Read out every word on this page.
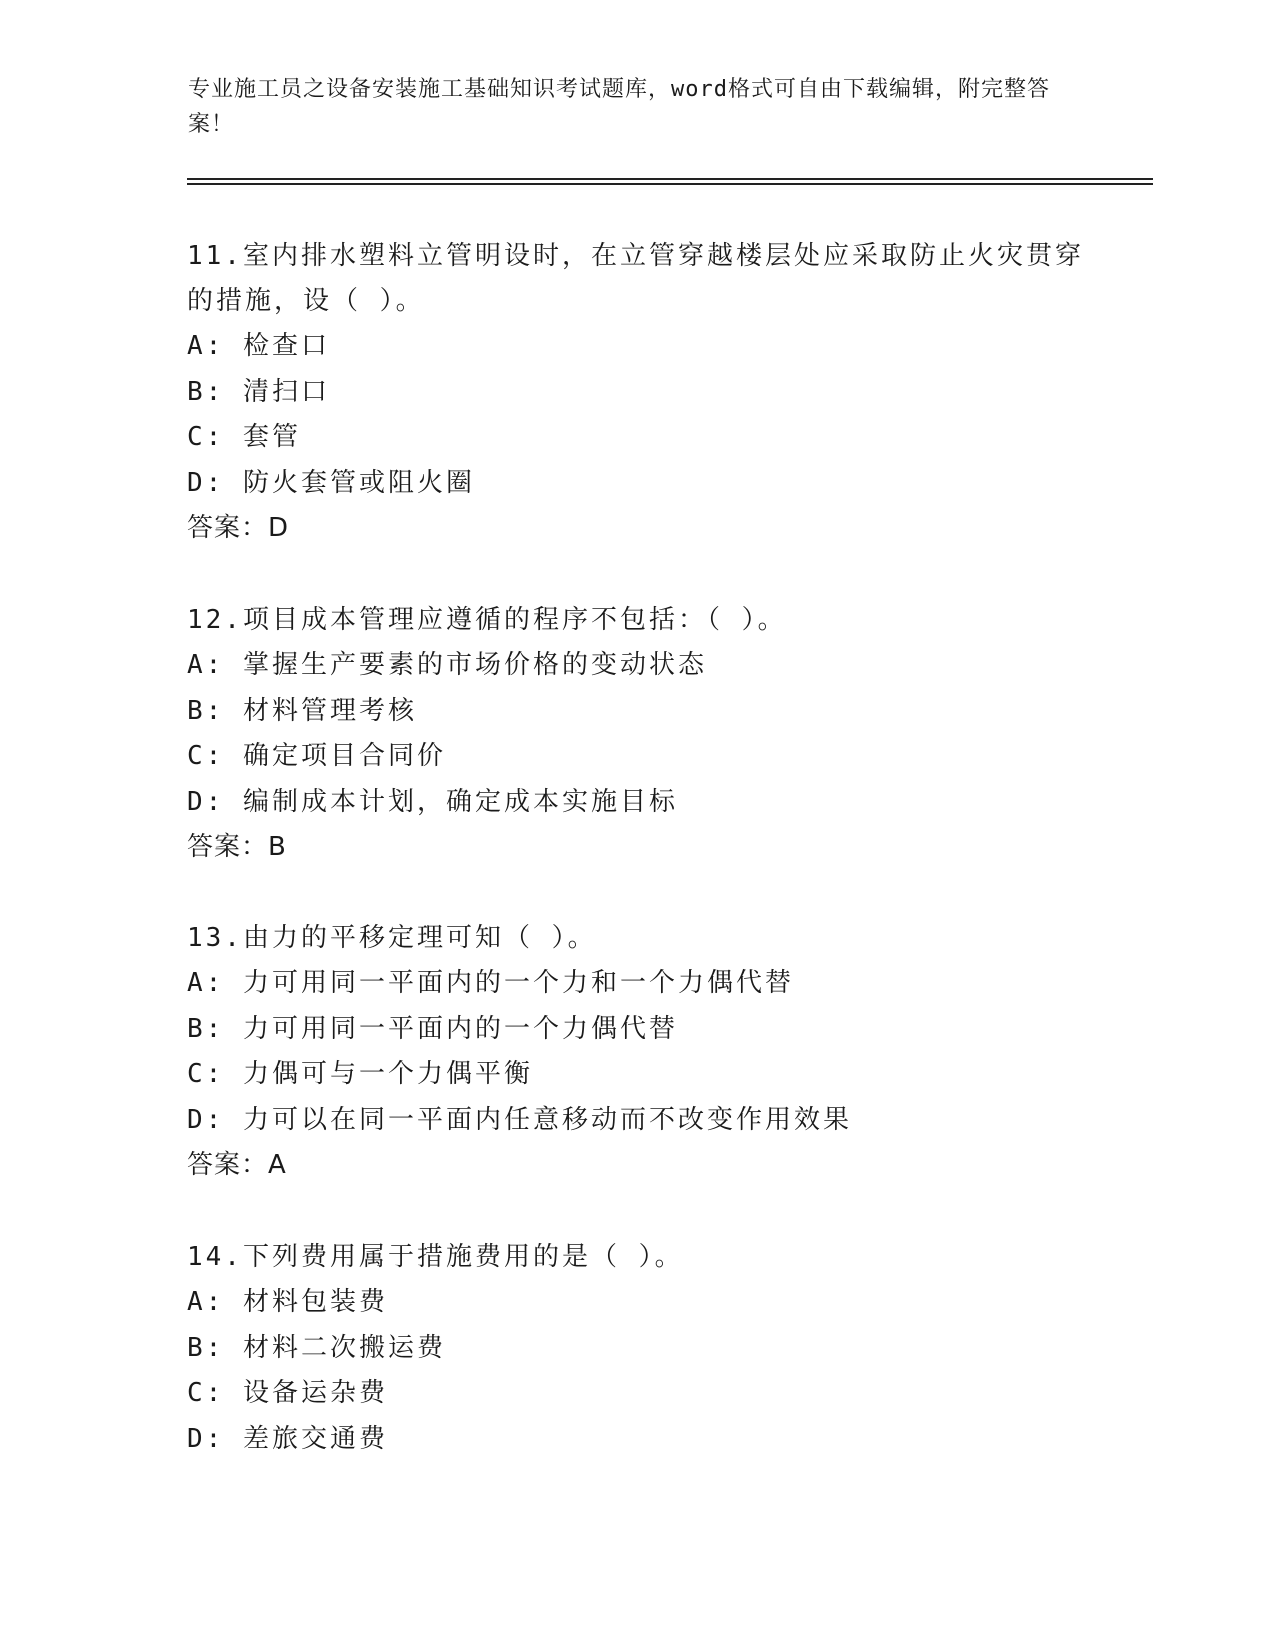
专业施工员之设备安装施工基础知识考试题库，word格式可自由下载编辑，附完整答案！

11.室内排水塑料立管明设时，在立管穿越楼层处应采取防止火灾贯穿的措施，设（ ）。

A: 检查口

B: 清扫口

C: 套管

D: 防火套管或阻火圈

答案：D

12.项目成本管理应遵循的程序不包括：（ ）。

A: 掌握生产要素的市场价格的变动状态

B: 材料管理考核

C: 确定项目合同价

D: 编制成本计划，确定成本实施目标

答案：B

13.由力的平移定理可知（ ）。

A: 力可用同一平面内的一个力和一个力偶代替

B: 力可用同一平面内的一个力偶代替

C: 力偶可与一个力偶平衡

D: 力可以在同一平面内任意移动而不改变作用效果

答案：A

14.下列费用属于措施费用的是（ ）。

A: 材料包装费

B: 材料二次搬运费

C: 设备运杂费

D: 差旅交通费
